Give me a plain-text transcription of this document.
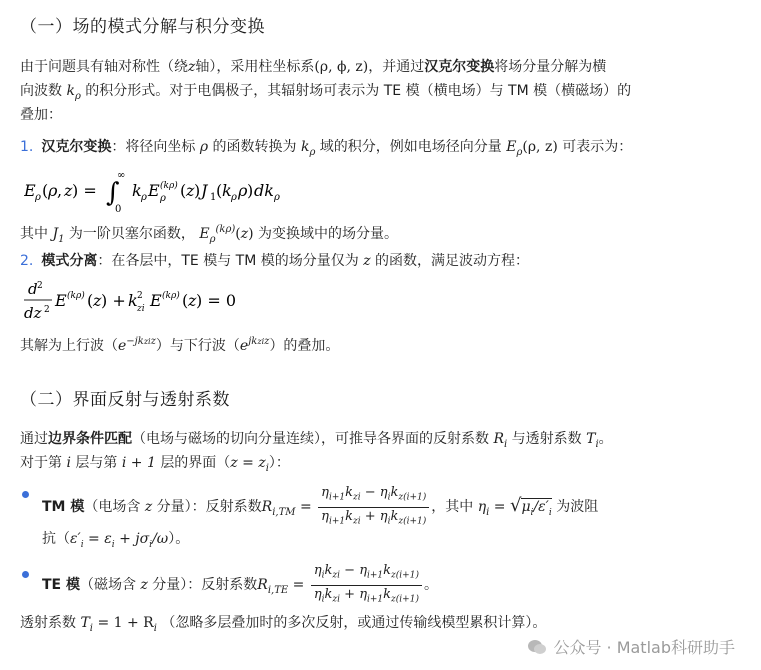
（一）场的模式分解与积分变换
由于问题具有轴对称性（绕z轴），采用柱坐标系(ρ, ϕ, z)，并通过汉克尔变换将场分量分解为横
向波数 $k_\rho$ 的积分形式。对于电偶极子，其辐射场可表示为 TE 模（横电场）与 TM 模（横磁场）的
叠加：
1. 汉克尔变换：将径向坐标 ρ 的函数转换为 $k_\rho$ 域的积分，例如电场径向分量 $E_\rho(\rho$, z) 可表示为：
E ρ ( ρ , z ) = ∫
∞
0
k ρ E (kρ)
ρ ( z ) J 1 ( k ρ ρ ) dk ρ
其中 $J_1$ 为一阶贝塞尔函数， $E_\rho^{(k\rho)}(z)$ 为变换域中的场分量。
2. 模式分离：在各层中，TE 模与 TM 模的场分量仅为 z 的函数，满足波动方程：
d 2
dz 2 E (kρ) ( z ) + k 2
zi E (kρ) ( z ) = 0
其解为上行波$(e^{-jkziz})$与下行波$(e^{jkziz})$的叠加。
（二）界面反射与透射系数
通过边界条件匹配（电场与磁场的切向分量连续），可推导各界面的反射系数 $R_i$ 与透射系数 $T_i$。
对于第 i 层与第 i + 1 层的界面$(z = z_i)$：
TM 模（电场含 z 分量）：反射系数$R_{i,TM} = \frac{\eta_{i+1}k_{zi} - \eta_ik_{z(i+1)}}{\eta_{i+1}k_{zi} + \eta_ik_{z(i+1)}}$ ，其中 $\eta_i = √\mu_i/\varepsilon'_i$ 为波阻
抗$(\varepsilon'_i = \varepsilon_i + j\sigma_i/\omega)$。
TE 模（磁场含 z 分量）：反射系数$R_{i,TE} = \frac{\eta_ik_{zi} - \eta_{i+1}k_{z(i+1)}}{\eta_ik_{zi} + \eta_{i+1}k_{z(i+1)}}$ 。
透射系数 $T_i = 1 + R_i$ （忽略多层叠加时的多次反射，或通过传输线模型累积计算）。
公众号 · Matlab科研助手
